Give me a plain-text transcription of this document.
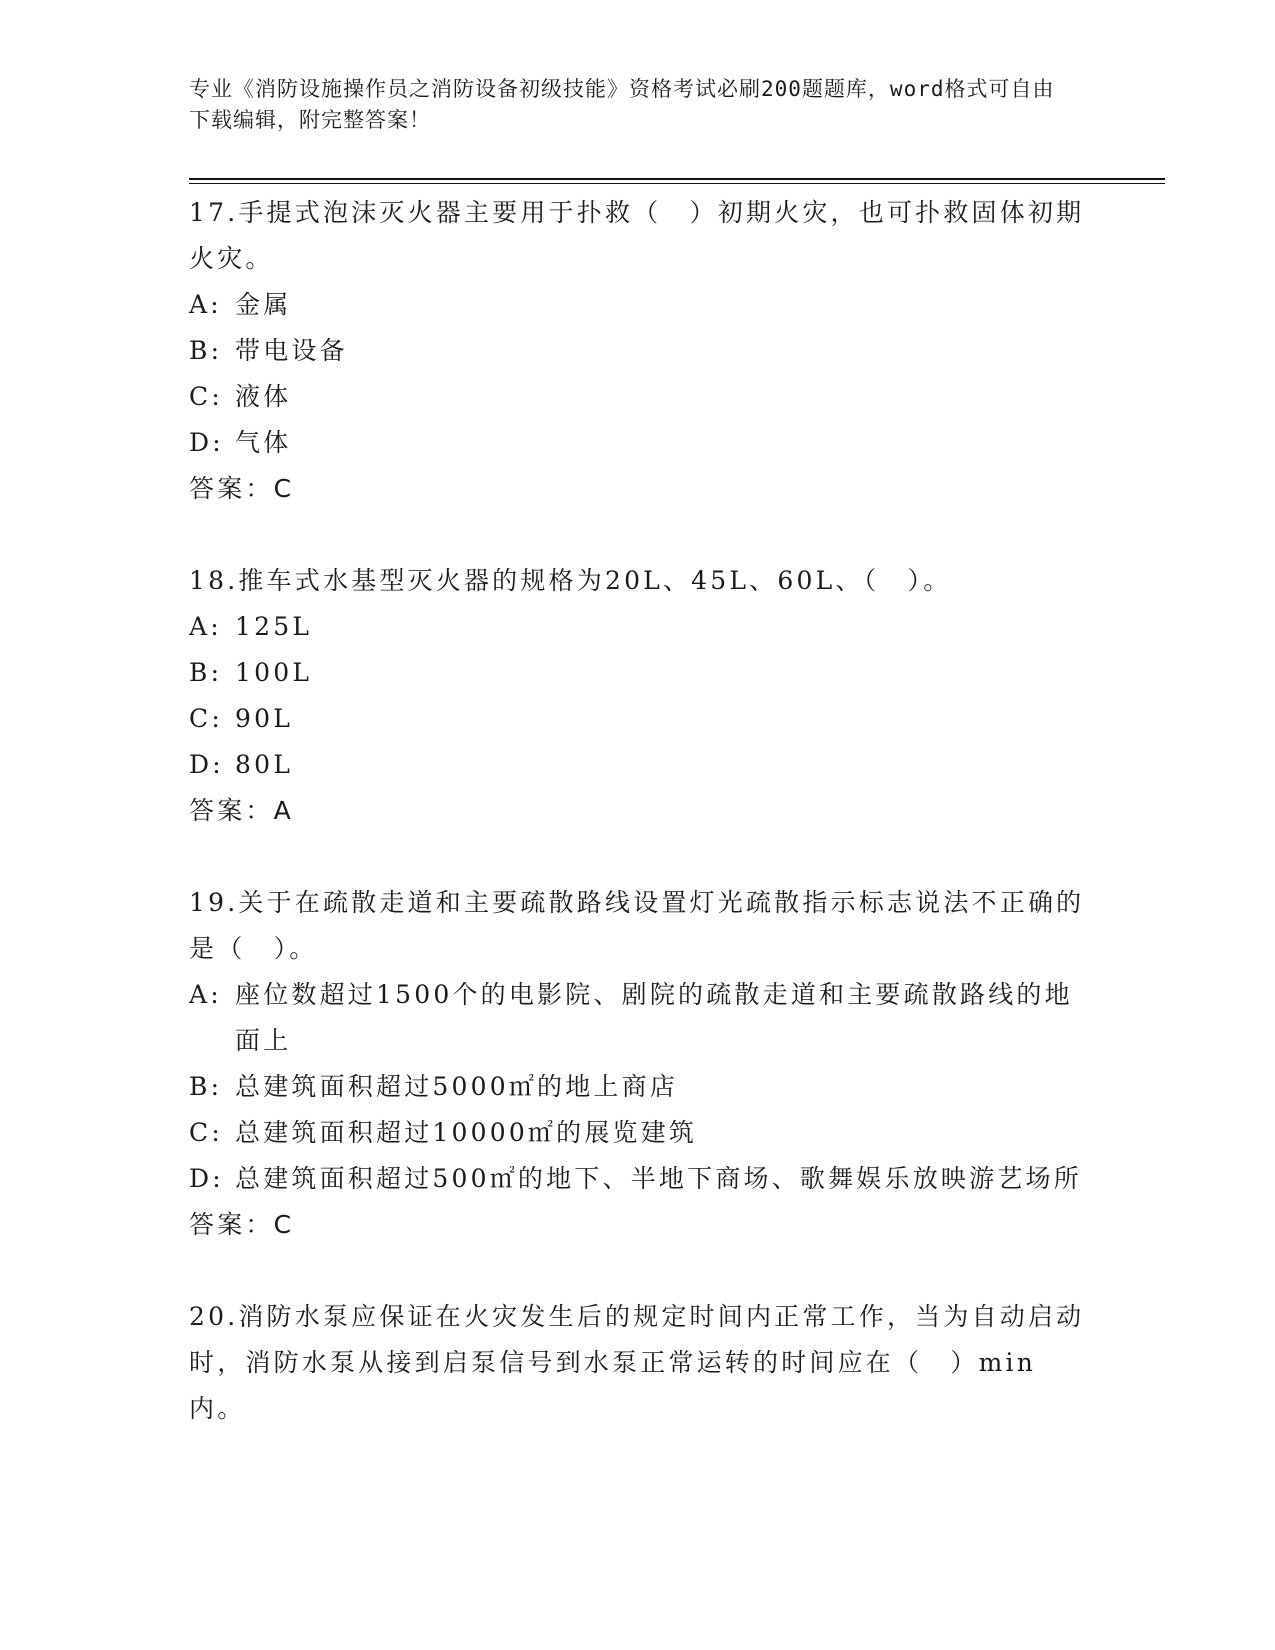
专业《消防设施操作员之消防设备初级技能》资格考试必刷200题题库，word格式可自由下载编辑，附完整答案！

17.手提式泡沫灭火器主要用于扑救（　）初期火灾，也可扑救固体初期火灾。

A: 金属

B: 带电设备

C: 液体

D: 气体

答案：C

18.推车式水基型灭火器的规格为20L、45L、60L、（　）。

A: 125L

B: 100L

C: 90L

D: 80L

答案：A

19.关于在疏散走道和主要疏散路线设置灯光疏散指示标志说法不正确的是（　）。

A: 座位数超过1500个的电影院、剧院的疏散走道和主要疏散路线的地面上

B: 总建筑面积超过5000㎡的地上商店

C: 总建筑面积超过10000㎡的展览建筑

D: 总建筑面积超过500㎡的地下、半地下商场、歌舞娱乐放映游艺场所

答案：C

20.消防水泵应保证在火灾发生后的规定时间内正常工作，当为自动启动时，消防水泵从接到启泵信号到水泵正常运转的时间应在（　）min内。
